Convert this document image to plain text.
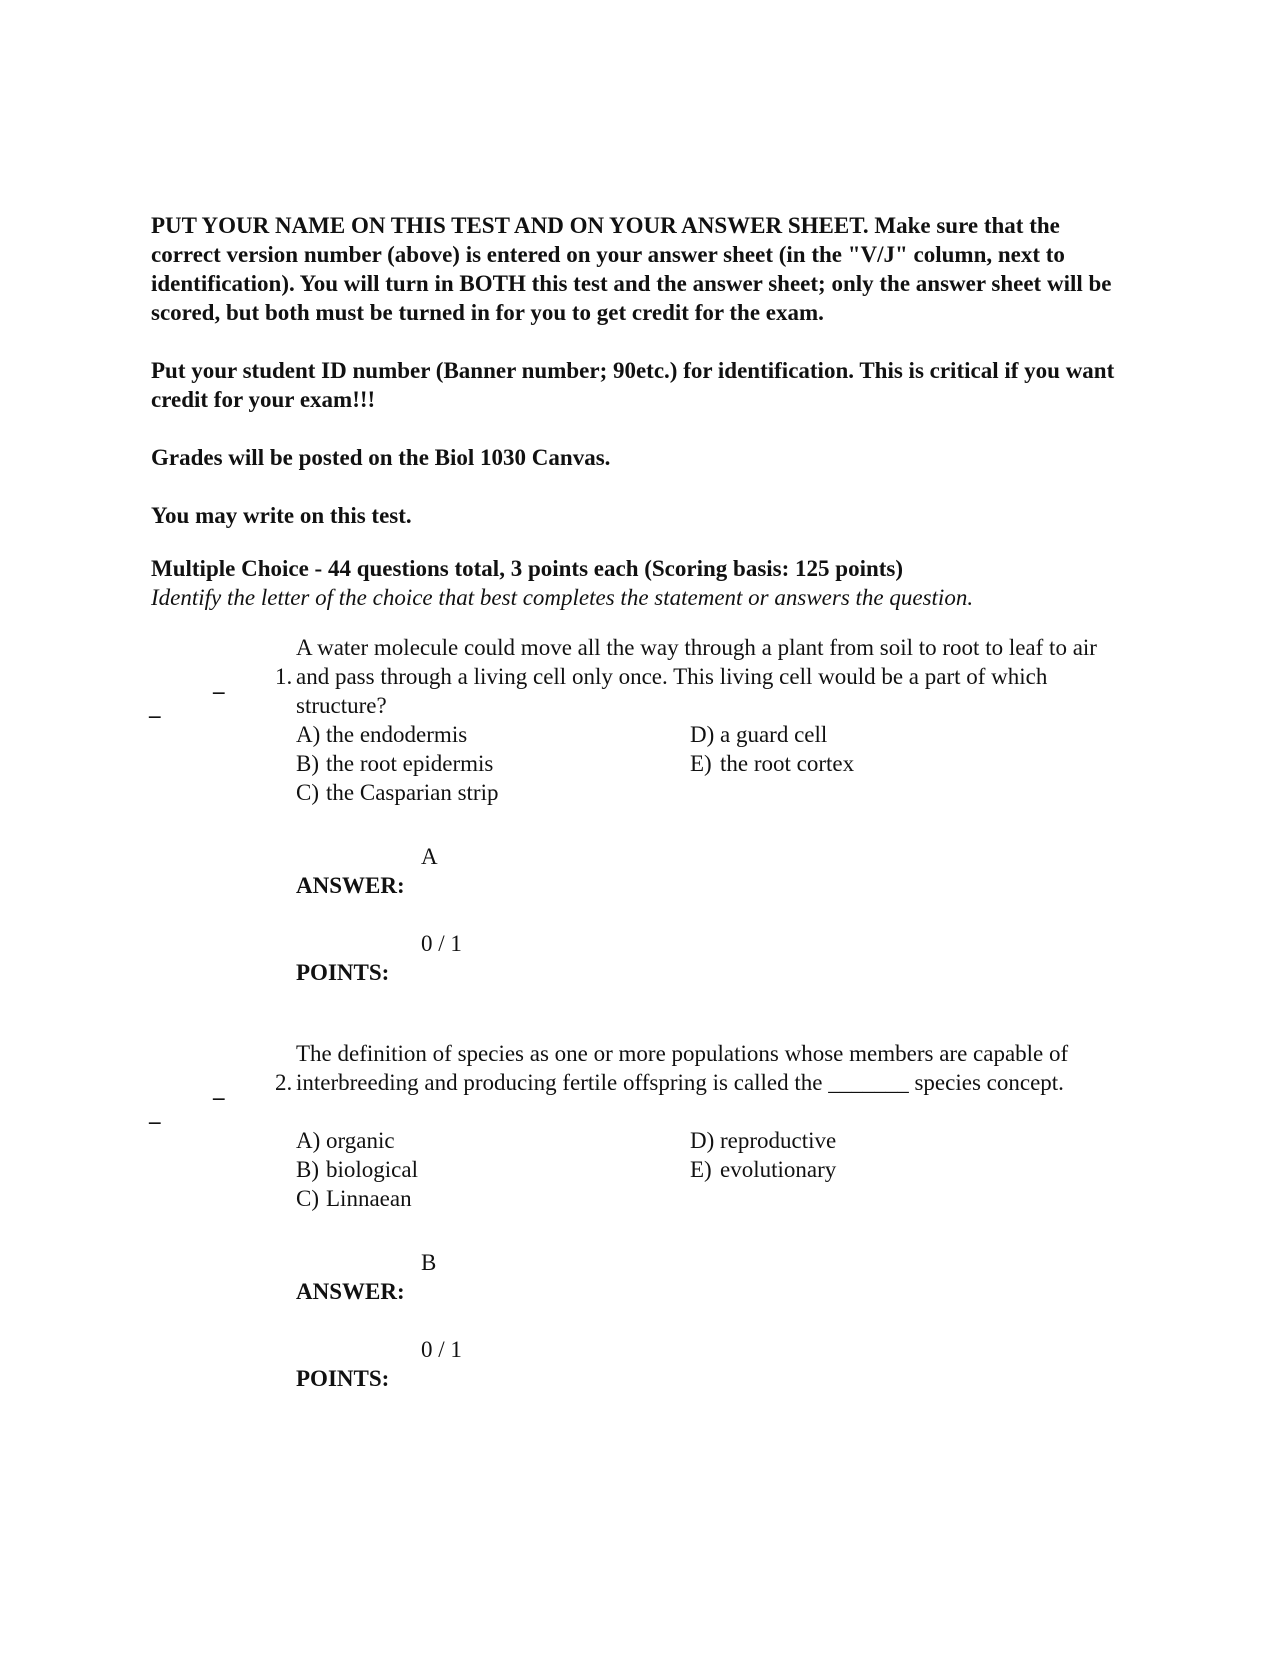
PUT YOUR NAME ON THIS TEST AND ON YOUR ANSWER SHEET. Make sure that the correct version number (above) is entered on your answer sheet (in the "V/J" column, next to identification). You will turn in BOTH this test and the answer sheet; only the answer sheet will be scored, but both must be turned in for you to get credit for the exam.

Put your student ID number (Banner number; 90etc.) for identification. This is critical if you want credit for your exam!!!

Grades will be posted on the Biol 1030 Canvas.

You may write on this test.

Multiple Choice - 44 questions total, 3 points each (Scoring basis: 125 points)

Identify the letter of the choice that best completes the statement or answers the question.

_
_
1.
A water molecule could move all the way through a plant from soil to root to leaf to air and pass through a living cell only once. This living cell would be a part of which structure?
A) the endodermis
B) the root epidermis
C) the Casparian strip
D) a guard cell
E) the root cortex
A
ANSWER:
0 / 1
POINTS:
_
_
2.
The definition of species as one or more populations whose members are capable of interbreeding and producing fertile offspring is called the _______ species concept.
A) organic
B) biological
C) Linnaean
D) reproductive
E) evolutionary
B
ANSWER:
0 / 1
POINTS:
